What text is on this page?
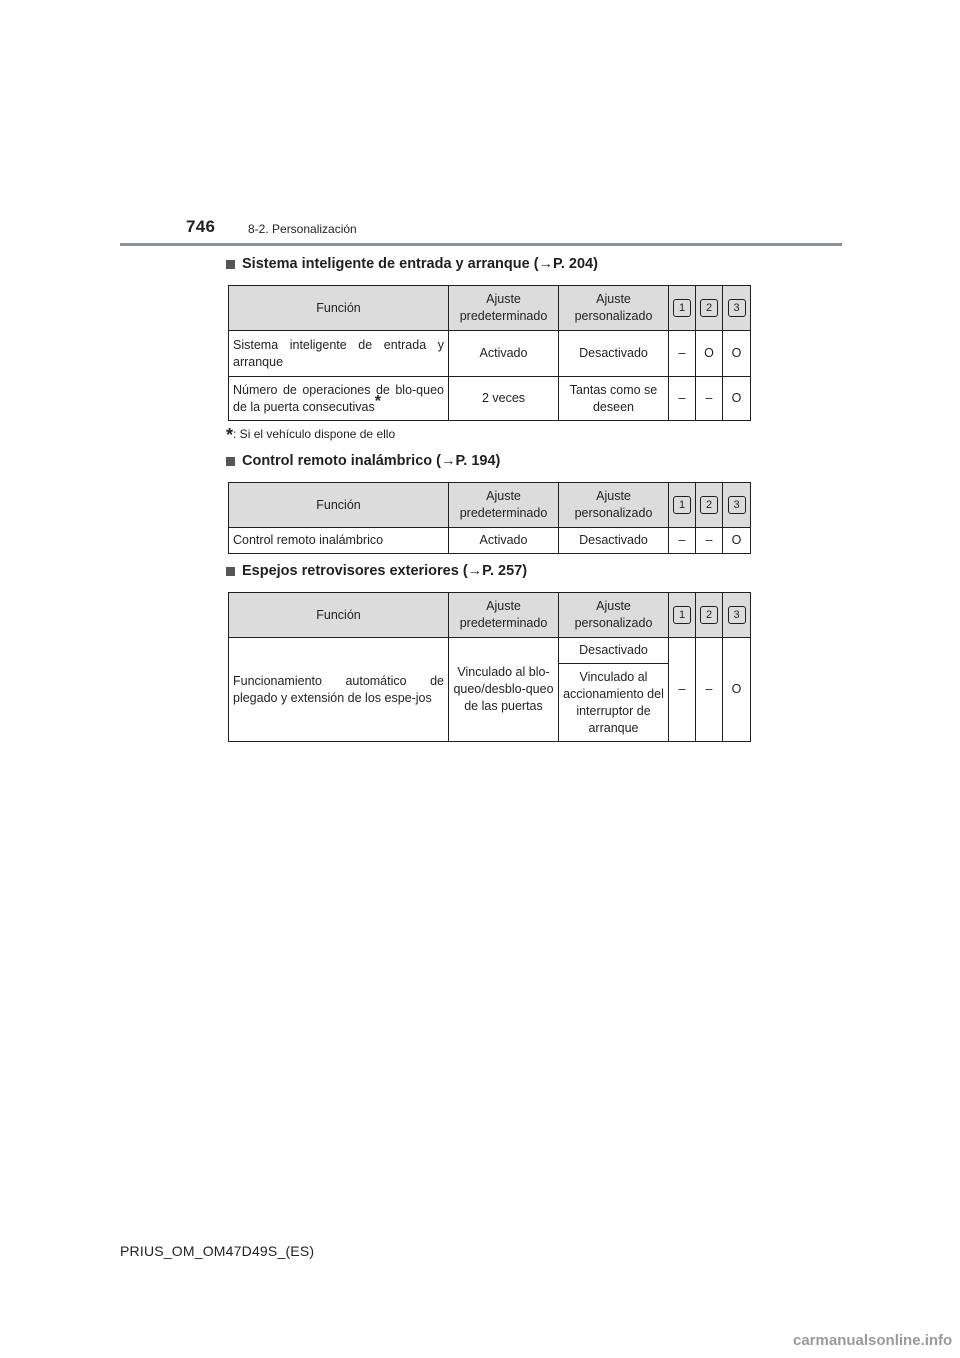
746	8-2. Personalización
Sistema inteligente de entrada y arranque (→P. 204)
Función	Ajuste predeterminado	Ajuste personalizado	1	2	3
Sistema inteligente de entrada y arranque	Activado	Desactivado	–	O	O
Número de operaciones de blo-queo de la puerta consecutivas*	2 veces	Tantas como se deseen	–	–	O
*: Si el vehículo dispone de ello
Control remoto inalámbrico (→P. 194)
Función	Ajuste predeterminado	Ajuste personalizado	1	2	3
Control remoto inalámbrico	Activado	Desactivado	–	–	O
Espejos retrovisores exteriores (→P. 257)
Función	Ajuste predeterminado	Ajuste personalizado	1	2	3
Funcionamiento automático de plegado y extensión de los espe-jos	Vinculado al blo-queo/desblo-queo de las puertas	Desactivado	–	–	O
		Vinculado al accionamiento del interruptor de arranque			
PRIUS_OM_OM47D49S_(ES)
carmanualsonline.info
